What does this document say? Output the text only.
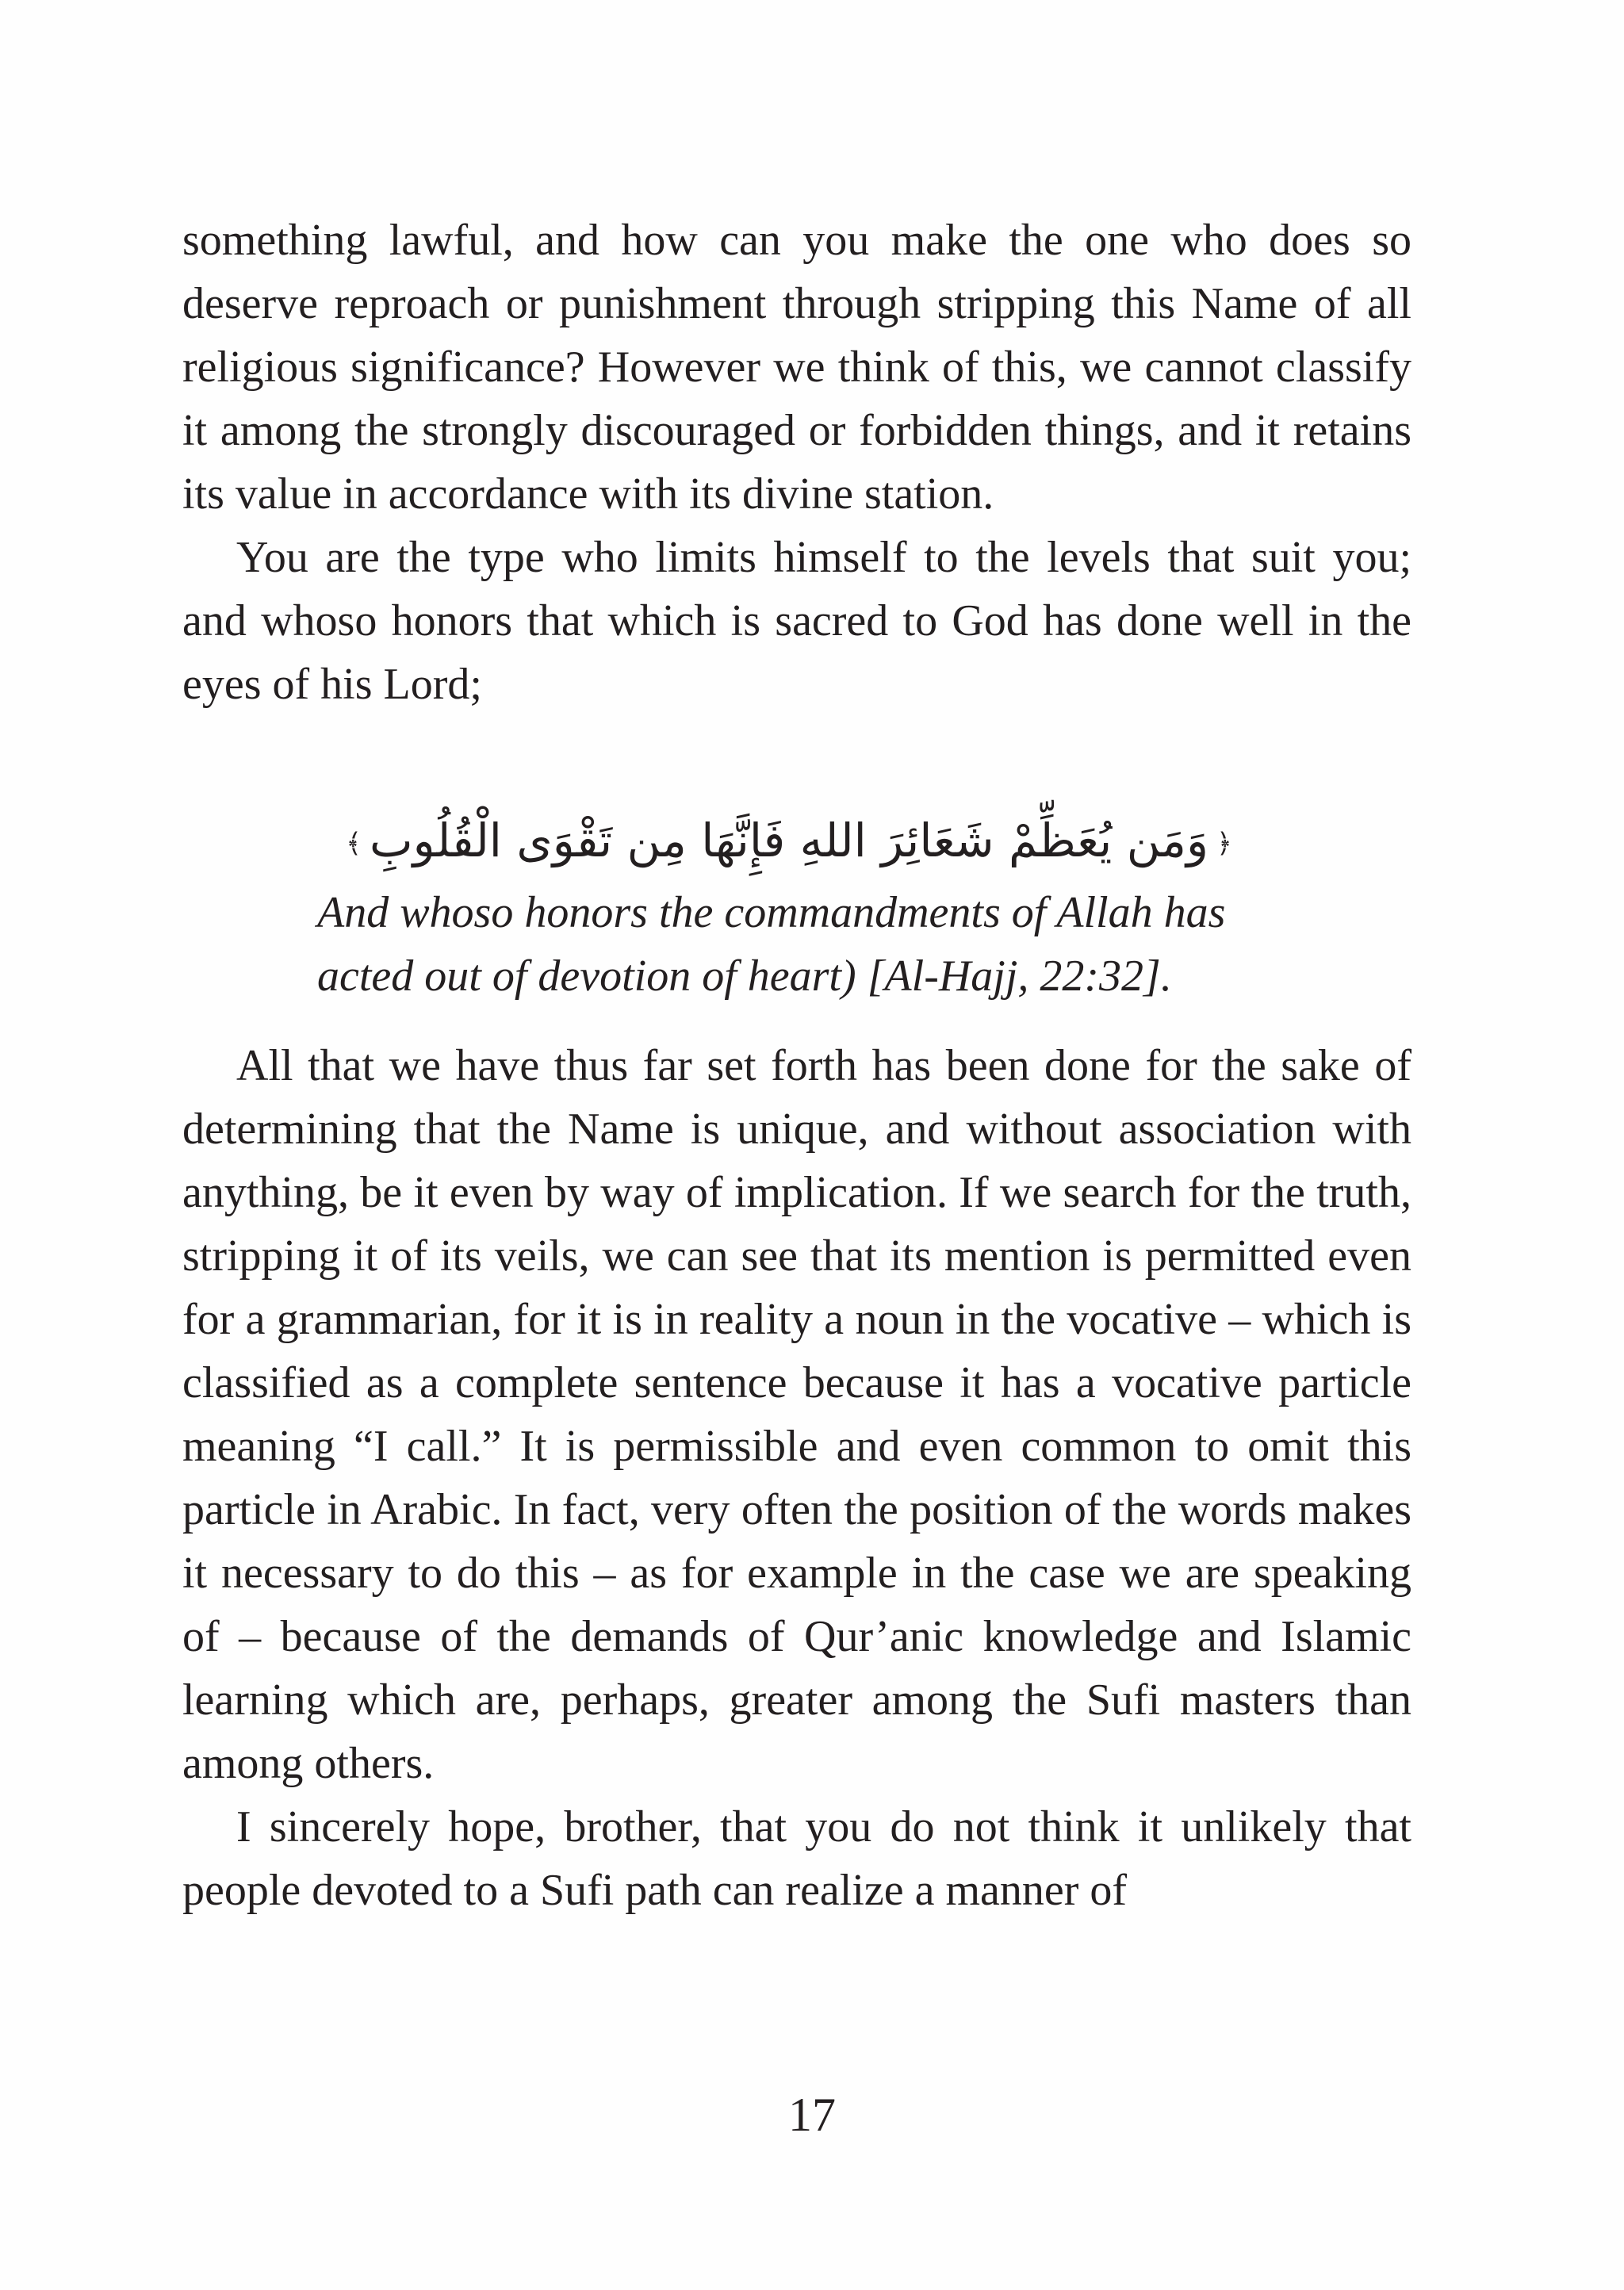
something lawful, and how can you make the one who does so deserve reproach or punishment through stripping this Name of all religious significance? However we think of this, we cannot classify it among the strongly discouraged or forbidden things, and it retains its value in accordance with its divine station.

You are the type who limits himself to the levels that suit you; and whoso honors that which is sacred to God has done well in the eyes of his Lord;

﴿وَمَن يُعَظِّمْ شَعَائِرَ اللهِ فَإِنَّهَا مِن تَقْوَى الْقُلُوبِ﴾

And whoso honors the commandments of Allah has

acted out of devotion of heart) [Al-Hajj, 22:32].

All that we have thus far set forth has been done for the sake of determining that the Name is unique, and without association with anything, be it even by way of implication. If we search for the truth, stripping it of its veils, we can see that its mention is permitted even for a grammarian, for it is in reality a noun in the vocative – which is classified as a complete sentence because it has a vocative particle meaning “I call.” It is permissible and even common to omit this particle in Arabic. In fact, very often the position of the words makes it necessary to do this – as for example in the case we are speaking of – because of the demands of Qur’anic knowledge and Islamic learning which are, perhaps, greater among the Sufi masters than among others.

I sincerely hope, brother, that you do not think it unlikely that people devoted to a Sufi path can realize a manner of

17
